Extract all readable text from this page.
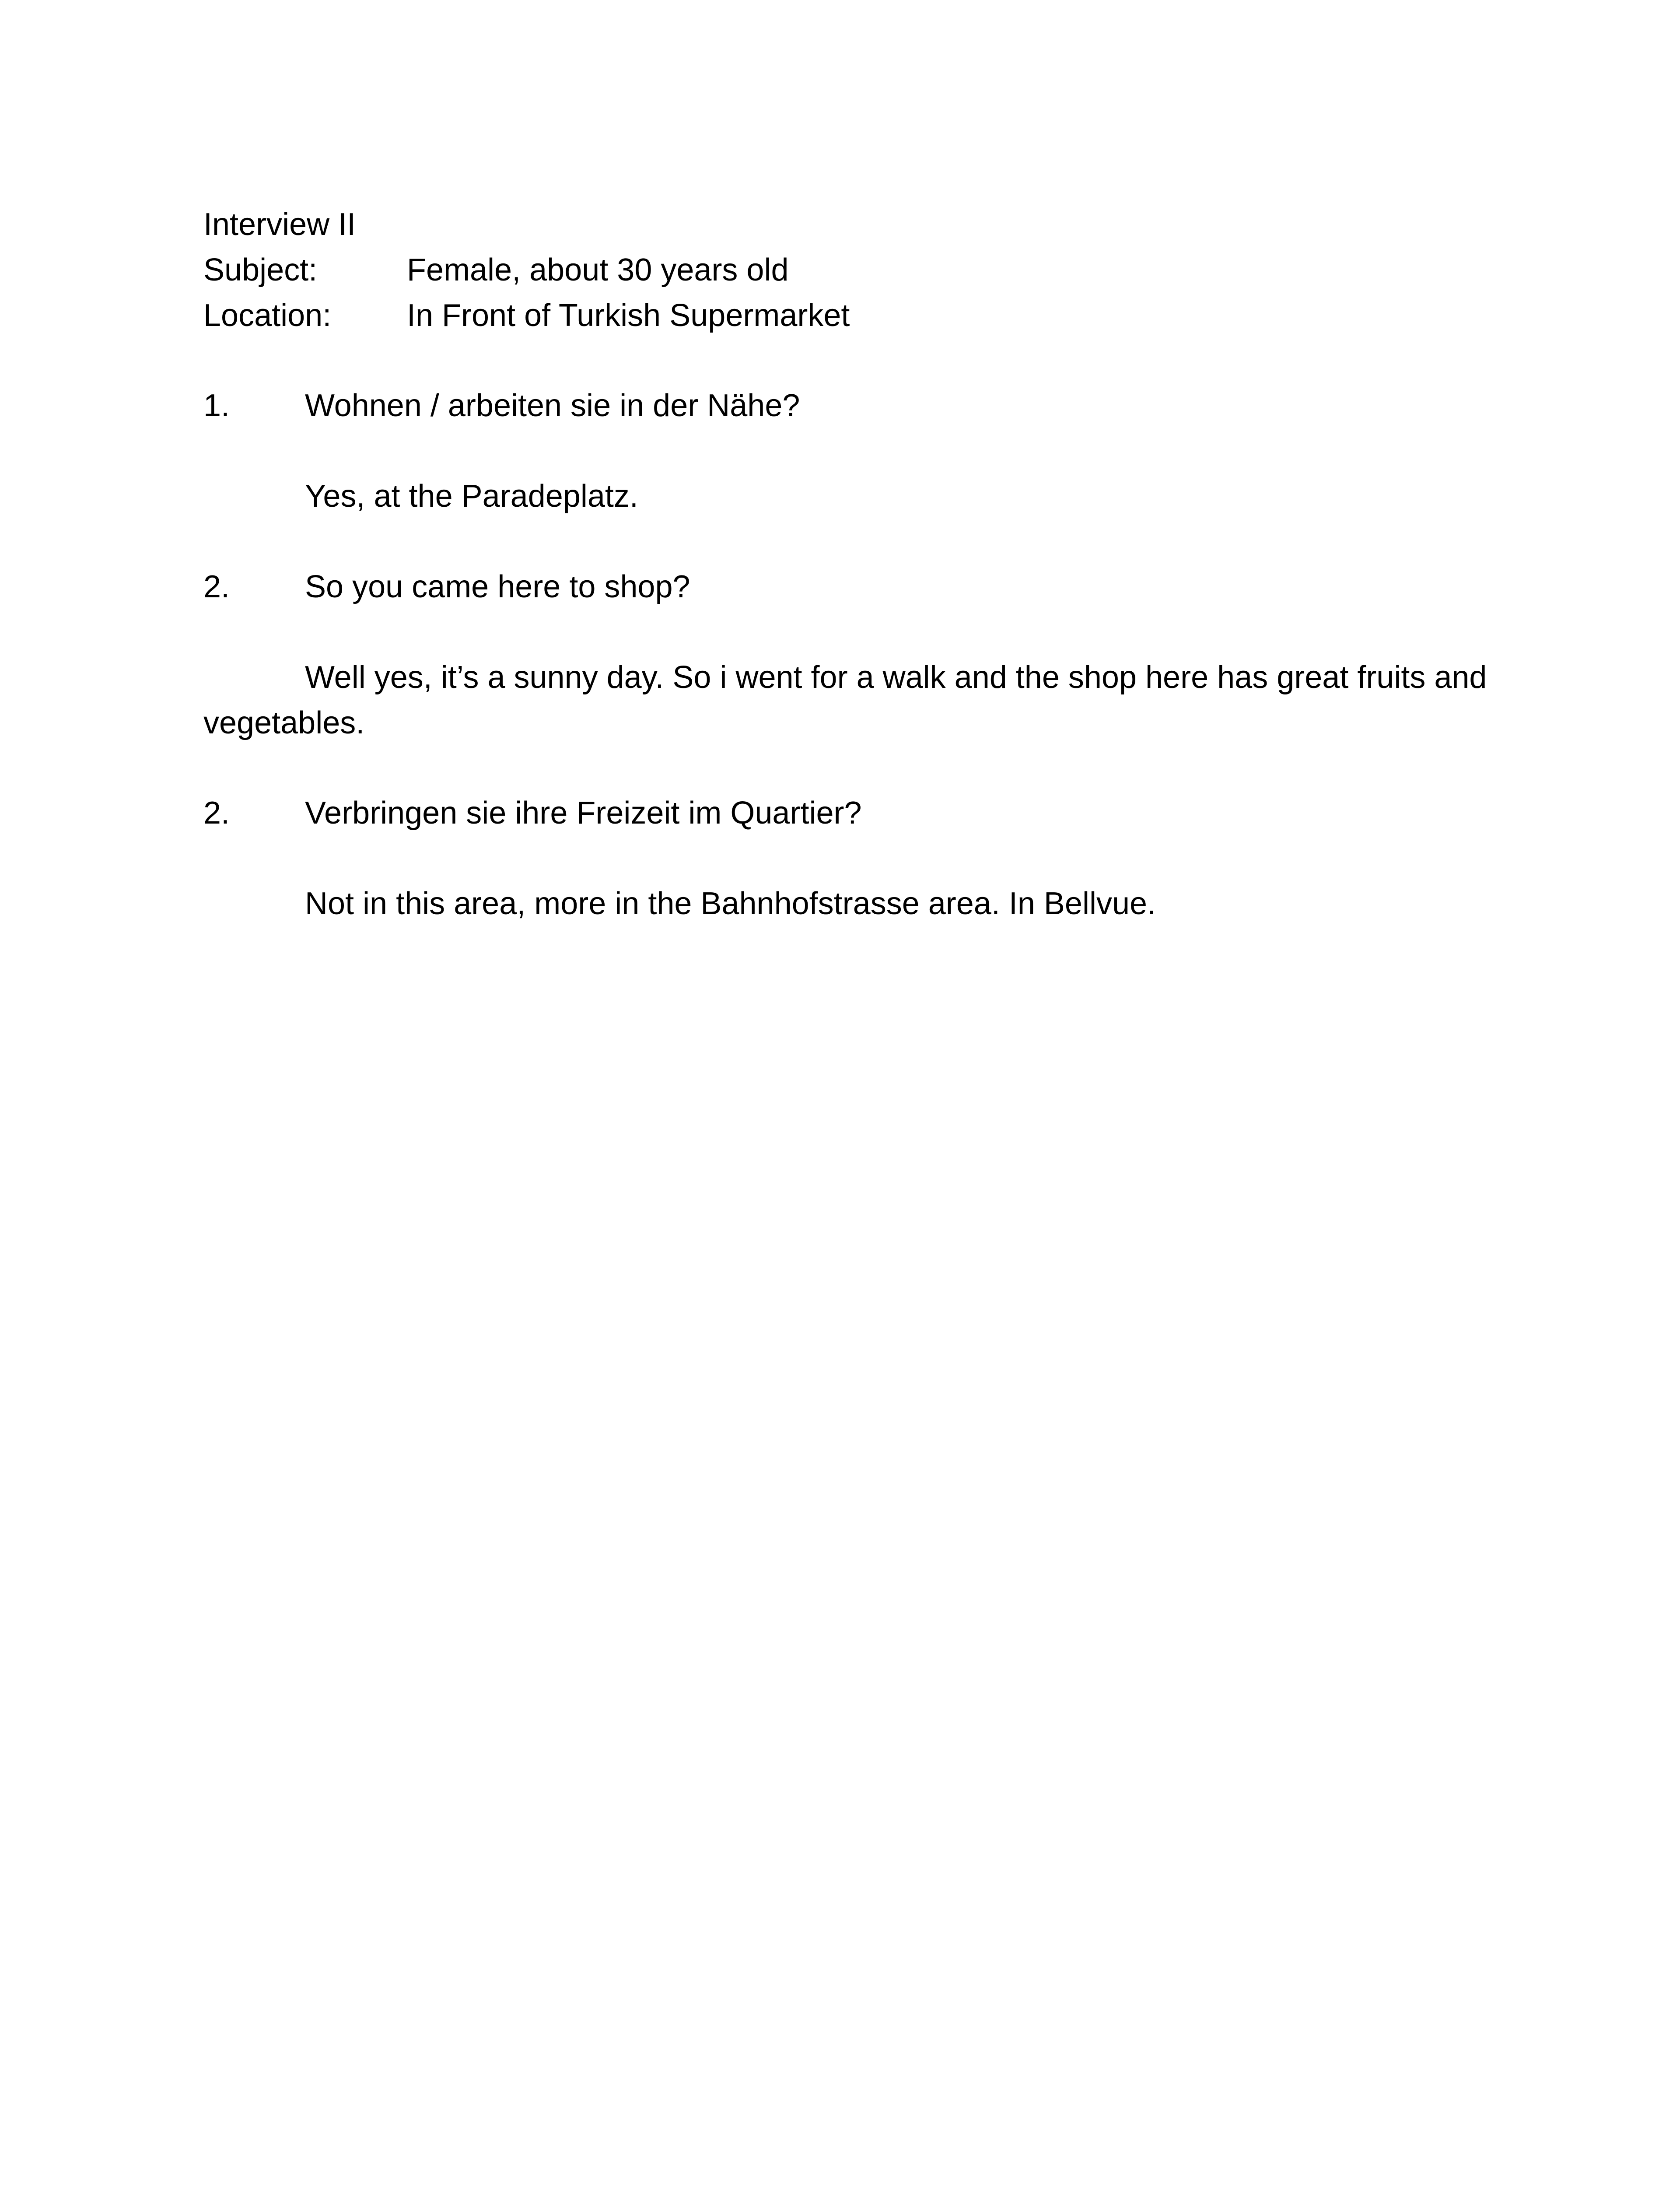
Interview II
Subject:	Female, about 30 years old
Location: In Front of Turkish Supermarket
1. Wohnen / arbeiten sie in der Nähe?
Yes, at the Paradeplatz.
2. So you came here to shop?
Well yes, it’s a sunny day. So i went for a walk and the shop here has great fruits and
vegetables.
2. Verbringen sie ihre Freizeit im Quartier?
Not in this area, more in the Bahnhofstrasse area. In Bellvue.
